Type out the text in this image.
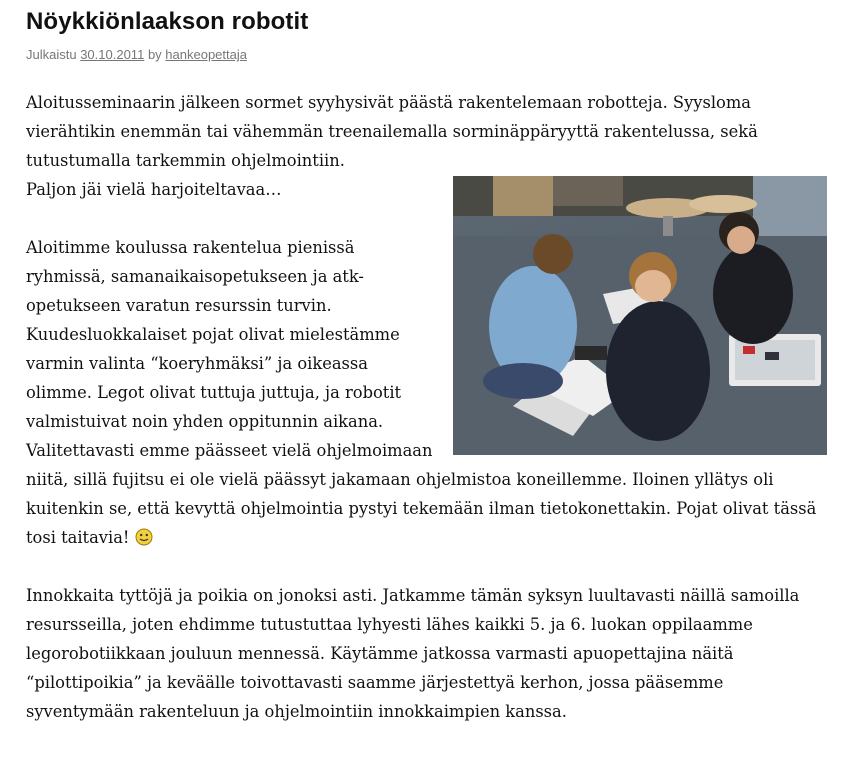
Nöykkiönlaakson robotit
Julkaistu 30.10.2011 by hankeopettaja

Aloitusseminaarin jälkeen sormet syyhysivät päästä rakentelemaan robotteja. Syysloma vierähtikin enemmän tai vähemmän treenailemalla sorminäppäryyttä rakentelussa, sekä tutustumalla tarkemmin ohjelmointiin.

Paljon jäi vielä harjoiteltavaa…

Aloitimme koulussa rakentelua pienissä ryhmissä, samanaikaisopetukseen ja atk-opetukseen varatun resurssin turvin. Kuudesluokkalaiset pojat olivat mielestämme varmin valinta “koeryhmäksi” ja oikeassa olimme. Legot olivat tuttuja juttuja, ja robotit valmistuivat noin yhden oppitunnin aikana. Valitettavasti emme päässeet vielä ohjelmoimaan niitä, sillä fujitsu ei ole vielä päässyt jakamaan ohjelmistoa koneillemme. Iloinen yllätys oli kuitenkin se, että kevyttä ohjelmointia pystyi tekemään ilman tietokonettakin. Pojat olivat tässä tosi taitavia!

Innokkaita tyttöjä ja poikia on jonoksi asti. Jatkamme tämän syksyn luultavasti näillä samoilla resursseilla, joten ehdimme tutustuttaa lyhyesti lähes kaikki 5. ja 6. luokan oppilaamme legorobotiikkaan jouluun mennessä. Käytämme jatkossa varmasti apuopettajina näitä “pilottipoikia” ja keväälle toivottavasti saamme järjestettyä kerhon, jossa pääsemme syventymään rakenteluun ja ohjelmointiin innokkaimpien kanssa.
